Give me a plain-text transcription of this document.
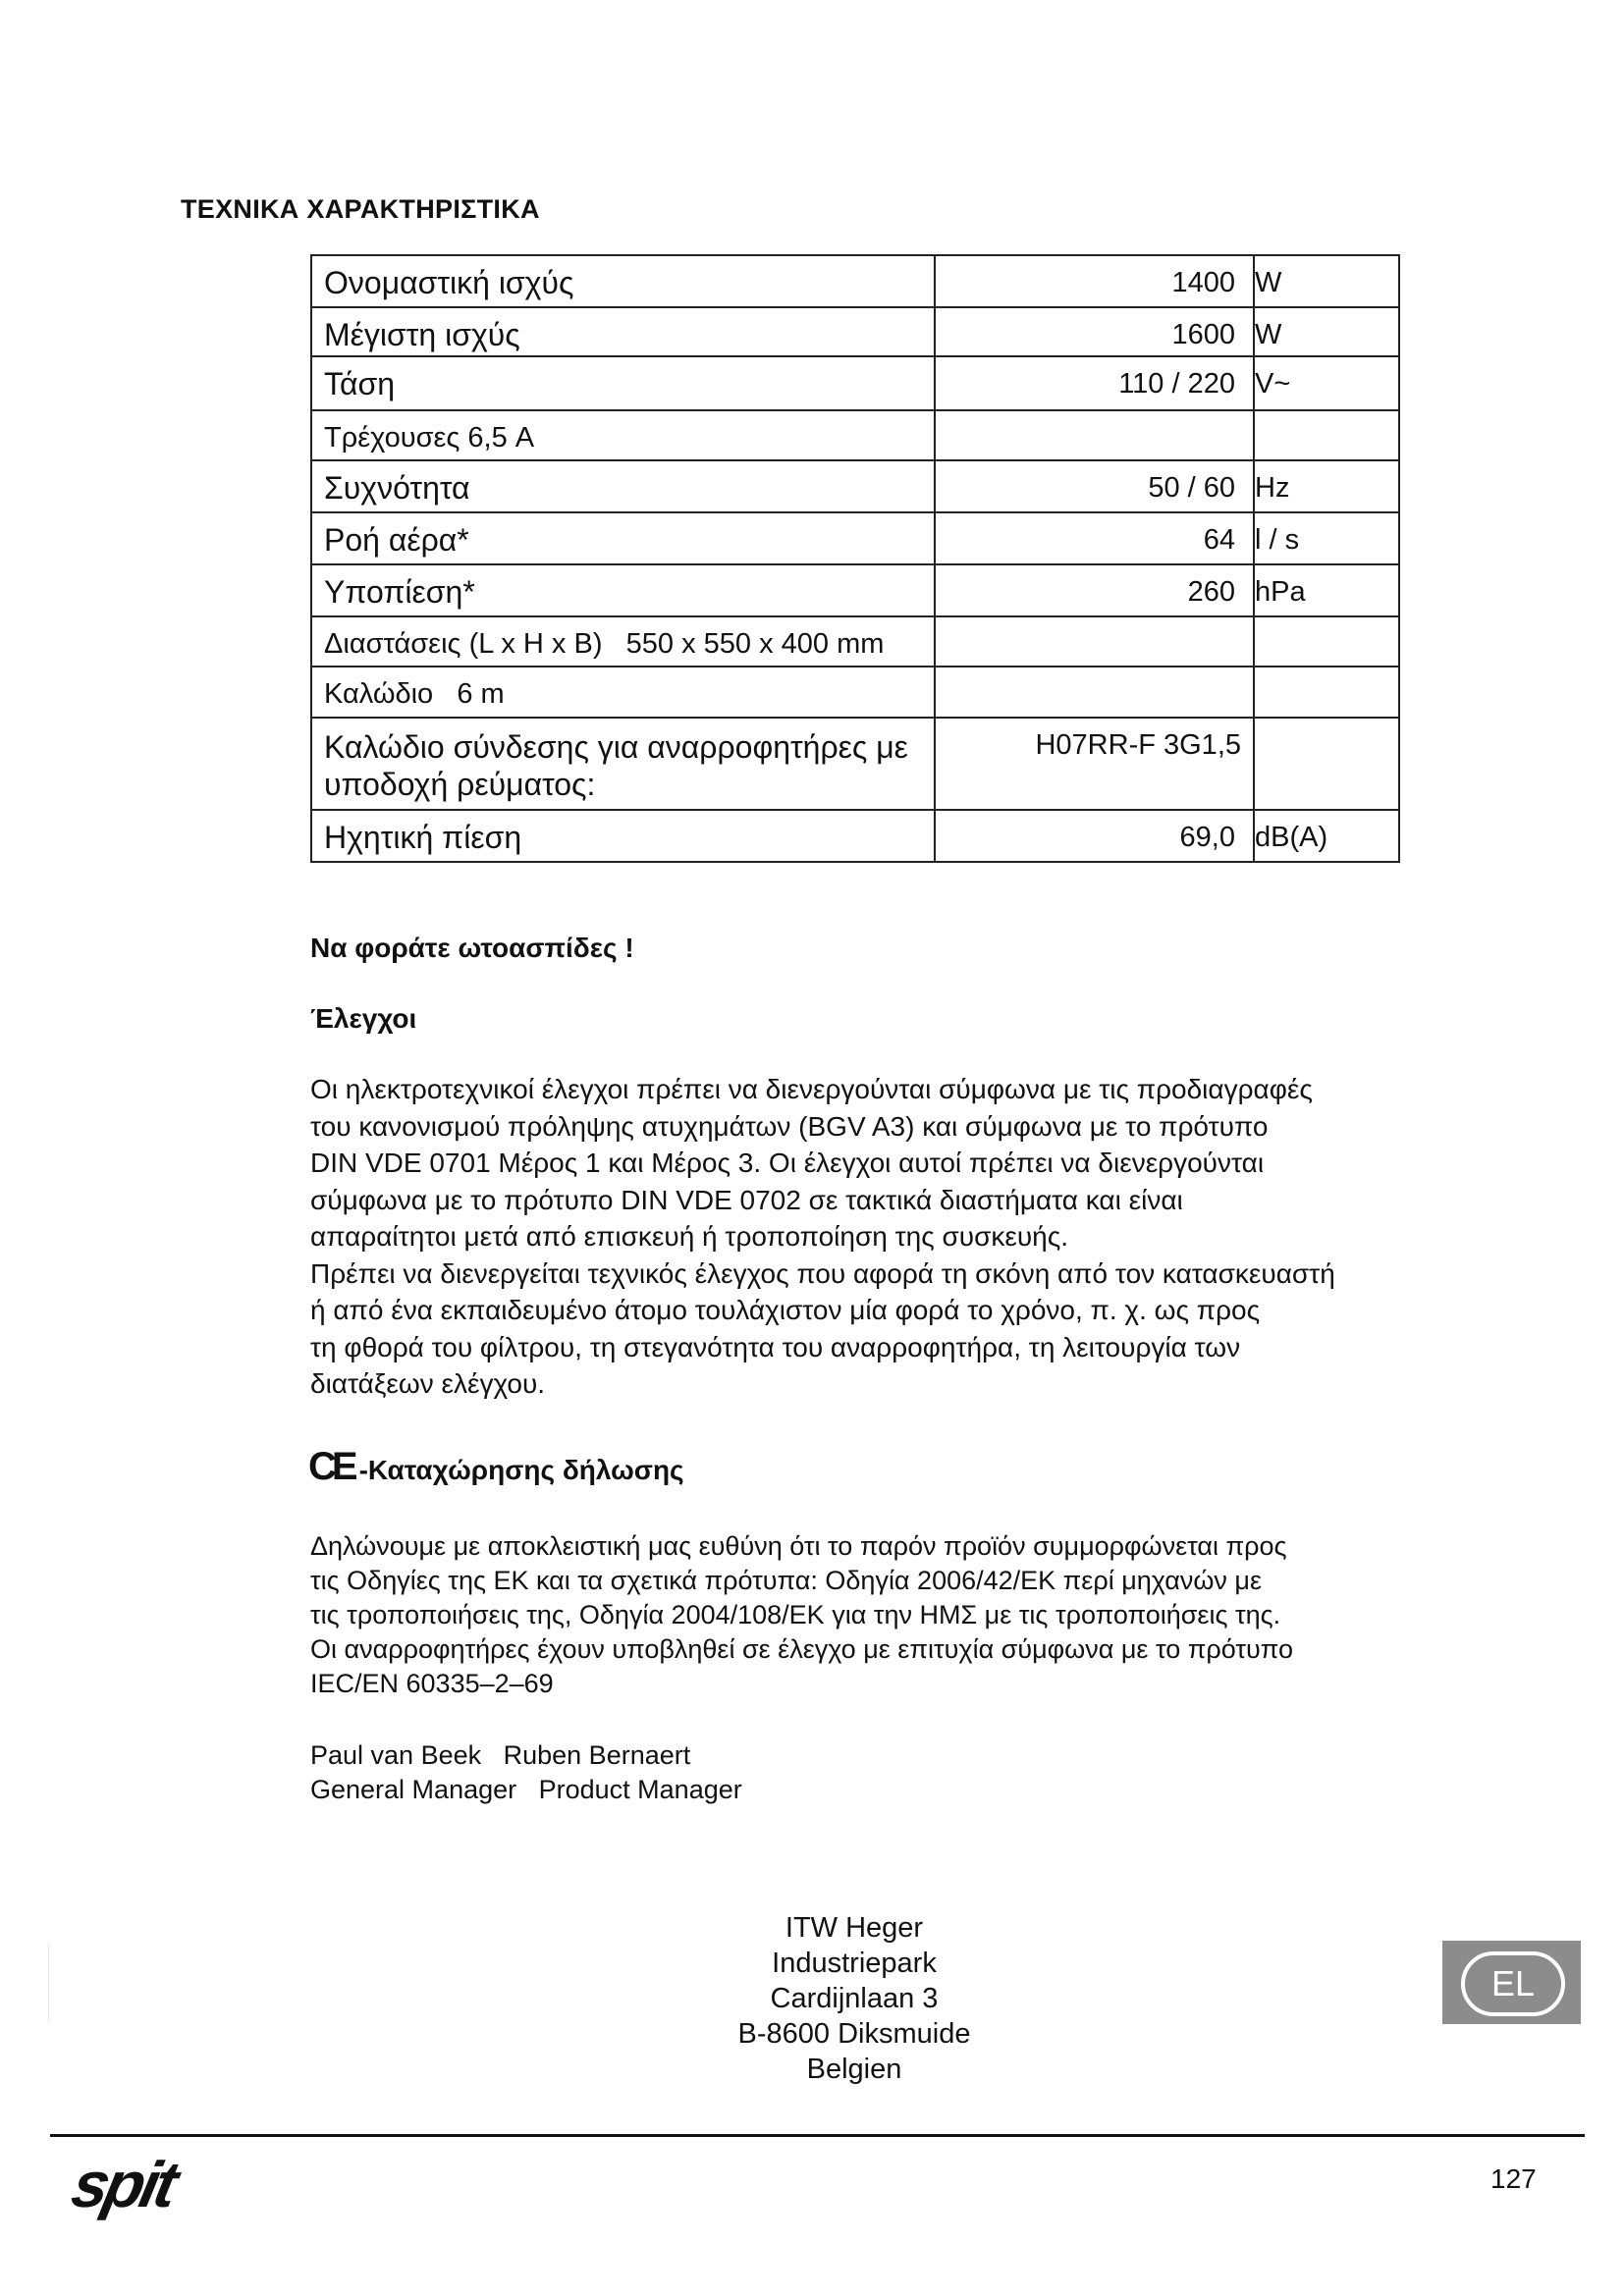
ΤΕΧΝΙΚΑ ΧΑΡΑΚΤΗΡΙΣΤΙΚΑ
Ονομαστική ισχύς	1400 W

Μέγιστη ισχύς	1600 W

Τάση	110 / 220 V~

Τρέχουσες 6,5 A	

Συχνότητα	50 / 60 Hz

Ροή αέρα*	64 l / s

Υποπίεση*	260 hPa

Διαστάσεις (L x H x B)   550 x 550 x 400 mm	

Καλώδιο   6 m	

Καλώδιο σύνδεσης για αναρροφητήρες με υποδοχή ρεύματος:	H07RR-F 3G1,5

Ηχητική πίεση	69,0 dB(A)
Να φοράτε ωτοασπίδες !
Έλεγχοι
Οι ηλεκτροτεχνικοί έλεγχοι πρέπει να διενεργούνται σύμφωνα με τις προδιαγραφές
του κανονισμού πρόληψης ατυχημάτων (BGV A3) και σύμφωνα με το πρότυπο
DIN VDE 0701 Μέρος 1 και Μέρος 3. Οι έλεγχοι αυτοί πρέπει να διενεργούνται
σύμφωνα με το πρότυπο DIN VDE 0702 σε τακτικά διαστήματα και είναι
απαραίτητοι μετά από επισκευή ή τροποποίηση της συσκευής.
Πρέπει να διενεργείται τεχνικός έλεγχος που αφορά τη σκόνη από τον κατασκευαστή
ή από ένα εκπαιδευμένο άτομο τουλάχιστον μία φορά το χρόνο, π. χ. ως προς
τη φθορά του φίλτρου, τη στεγανότητα του αναρροφητήρα, τη λειτουργία των
διατάξεων ελέγχου.
CE -Καταχώρησης δήλωσης
Δηλώνουμε με αποκλειστική μας ευθύνη ότι το παρόν προϊόν συμμορφώνεται προς
τις Οδηγίες της ΕΚ και τα σχετικά πρότυπα: Οδηγία 2006/42/ΕΚ περί μηχανών με
τις τροποποιήσεις της, Οδηγία 2004/108/ΕΚ για την ΗΜΣ με τις τροποποιήσεις της.
Οι αναρροφητήρες έχουν υποβληθεί σε έλεγχο με επιτυχία σύμφωνα με το πρότυπο
IEC/EN 60335–2–69
Paul van Beek   Ruben Bernaert
General Manager   Product Manager
ITW Heger
Industriepark
Cardijnlaan 3
B-8600 Diksmuide
Belgien
EL
spit	127
